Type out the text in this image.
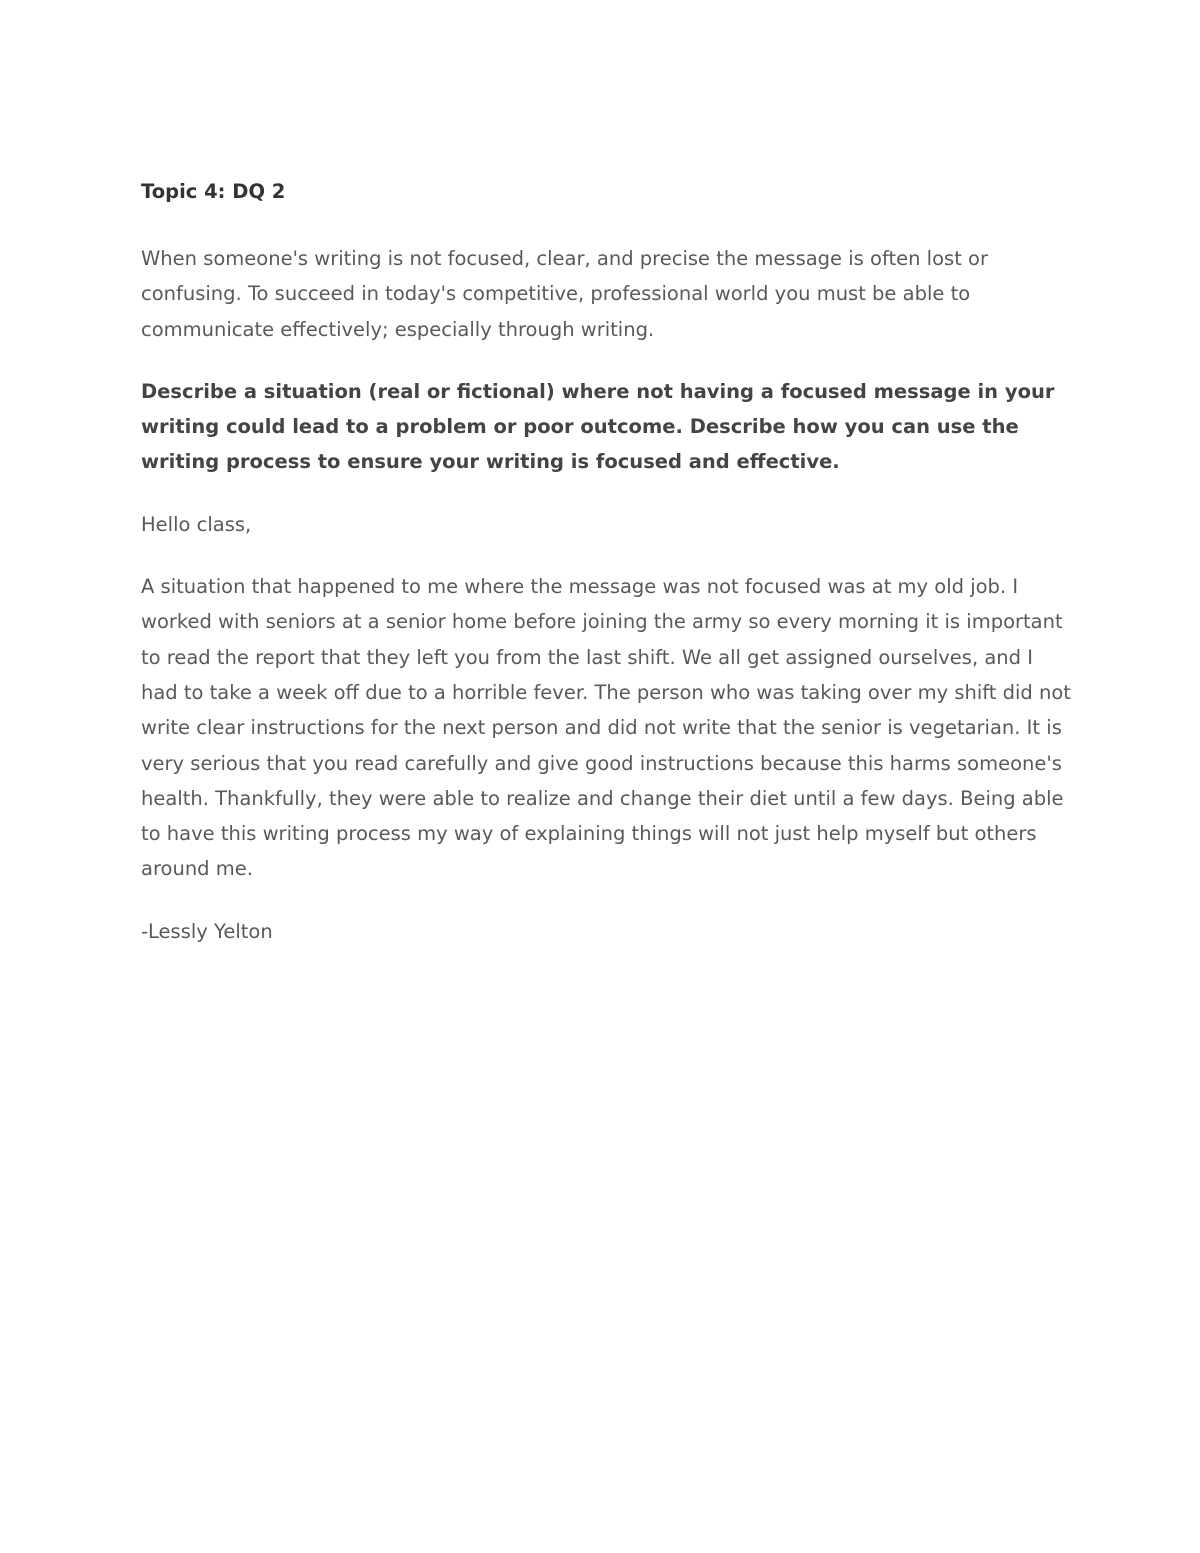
Topic 4: DQ 2

When someone's writing is not focused, clear, and precise the message is often lost or confusing. To succeed in today's competitive, professional world you must be able to communicate effectively; especially through writing.

Describe a situation (real or fictional) where not having a focused message in your writing could lead to a problem or poor outcome. Describe how you can use the writing process to ensure your writing is focused and effective.

Hello class,

A situation that happened to me where the message was not focused was at my old job. I worked with seniors at a senior home before joining the army so every morning it is important to read the report that they left you from the last shift. We all get assigned ourselves, and I had to take a week off due to a horrible fever. The person who was taking over my shift did not write clear instructions for the next person and did not write that the senior is vegetarian. It is very serious that you read carefully and give good instructions because this harms someone's health. Thankfully, they were able to realize and change their diet until a few days. Being able to have this writing process my way of explaining things will not just help myself but others around me.

-Lessly Yelton
